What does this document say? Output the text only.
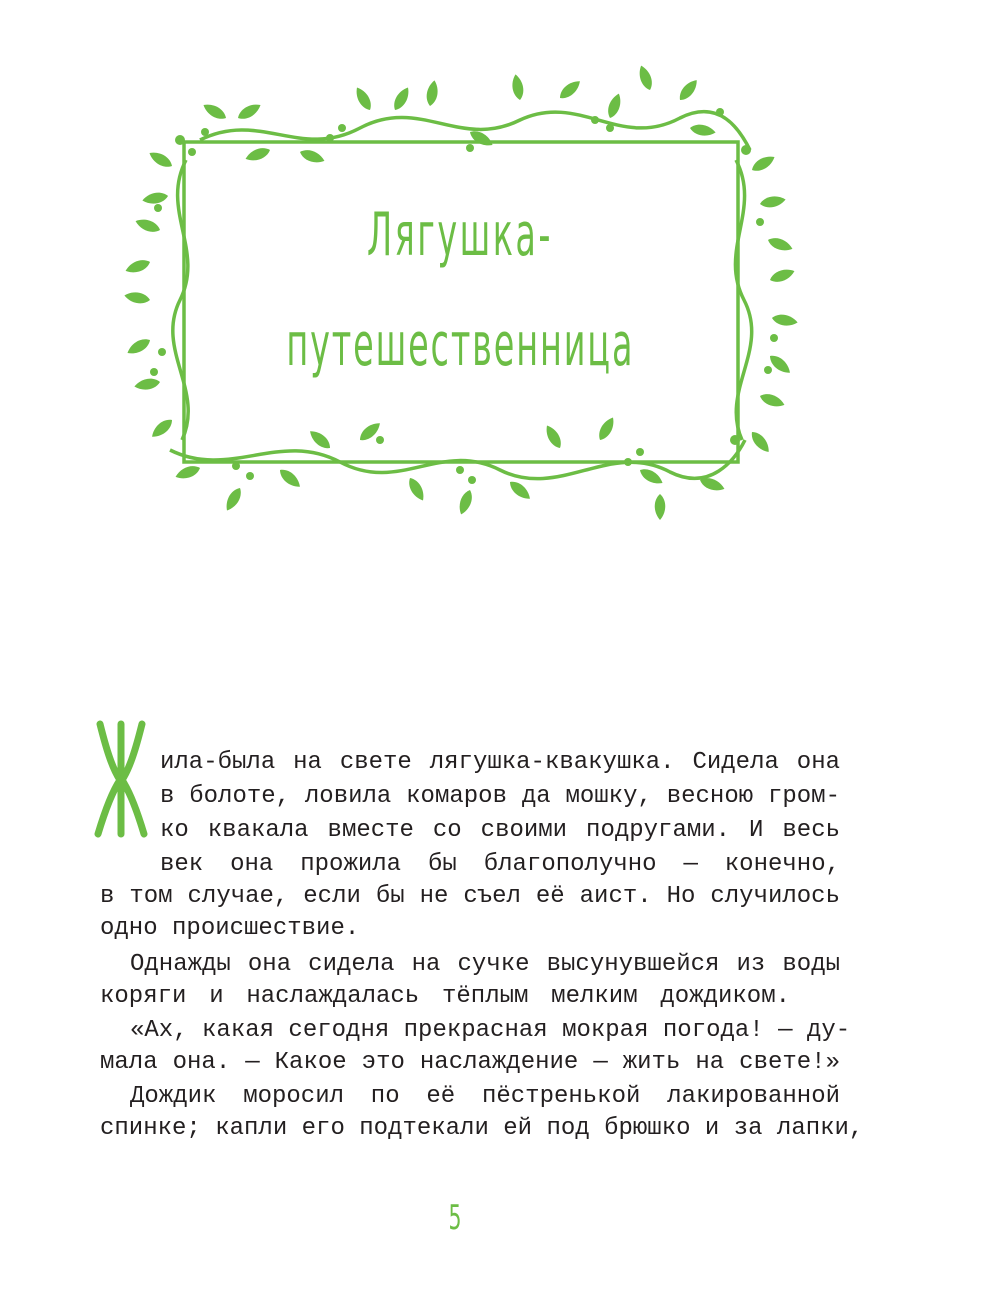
Лягушка-
путешественница
ила-была на свете лягушка-квакушка. Сидела она
в болоте, ловила комаров да мошку, весною гром-
ко квакала вместе со своими подругами. И весь
век она прожила бы благополучно — конечно,
в том случае, если бы не съел её аист. Но случилось
одно происшествие.
Однажды она сидела на сучке высунувшейся из воды
коряги и наслаждалась тёплым мелким дождиком.
«Ах, какая сегодня прекрасная мокрая погода! — ду-
мала она. — Какое это наслаждение — жить на свете!»
Дождик моросил по её пёстренькой лакированной
спинке; капли его подтекали ей под брюшко и за лапки,
5
